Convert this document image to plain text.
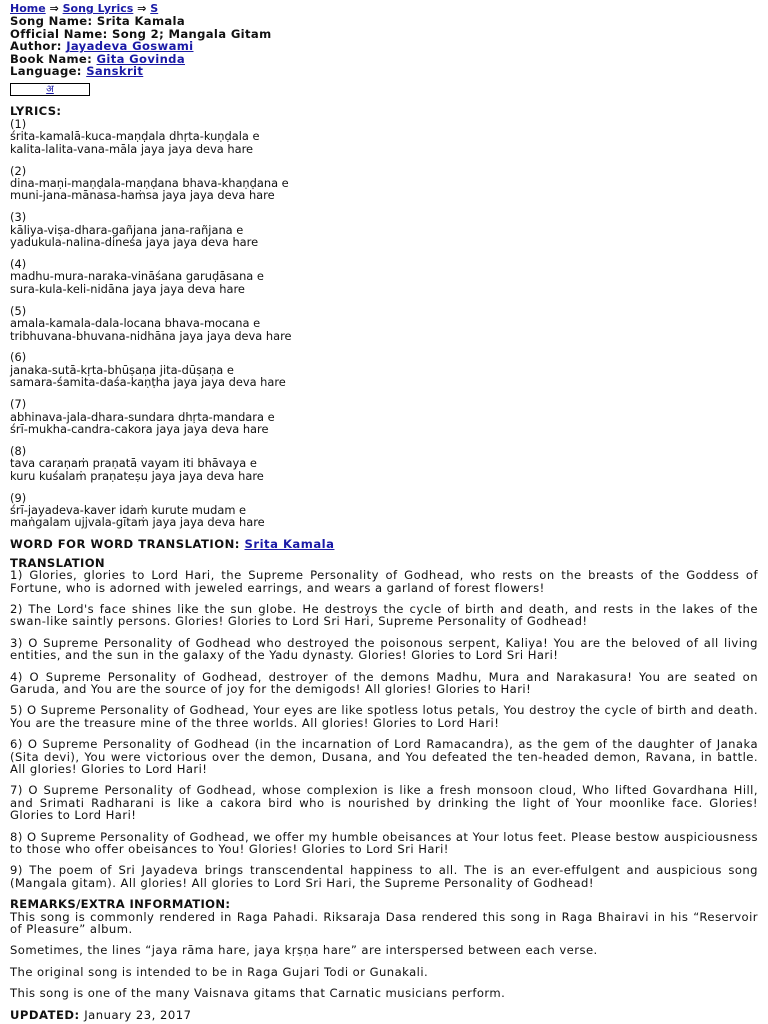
Home ⇒ Song Lyrics ⇒ S
Song Name: Srita Kamala
Official Name: Song 2; Mangala Gitam
Author: Jayadeva Goswami
Book Name: Gita Govinda
Language: Sanskrit
अ
LYRICS:
(1)
śrita-kamalā-kuca-maṇḍala dhṛta-kuṇḍala e
kalita-lalita-vana-māla jaya jaya deva hare
(2)
dina-maṇi-maṇḍala-maṇḍana bhava-khaṇḍana e
muni-jana-mānasa-haṁsa jaya jaya deva hare
(3)
kāliya-viṣa-dhara-gañjana jana-rañjana e
yadukula-nalina-dineśa jaya jaya deva hare
(4)
madhu-mura-naraka-vināśana garuḍāsana e
sura-kula-keli-nidāna jaya jaya deva hare
(5)
amala-kamala-dala-locana bhava-mocana e
tribhuvana-bhuvana-nidhāna jaya jaya deva hare
(6)
janaka-sutā-kṛta-bhūṣaṇa jita-dūṣaṇa e
samara-śamita-daśa-kaṇṭha jaya jaya deva hare
(7)
abhinava-jala-dhara-sundara dhṛta-mandara e
śrī-mukha-candra-cakora jaya jaya deva hare
(8)
tava caraṇaṁ praṇatā vayam iti bhāvaya e
kuru kuśalaṁ praṇateṣu jaya jaya deva hare
(9)
śrī-jayadeva-kaver idaṁ kurute mudam e
maṅgalam ujjvala-gītaṁ jaya jaya deva hare
WORD FOR WORD TRANSLATION: Srita Kamala
TRANSLATION

1) Glories, glories to Lord Hari, the Supreme Personality of Godhead, who rests on the breasts of the Goddess of Fortune, who is adorned with jeweled earrings, and wears a garland of forest flowers!

2) The Lord's face shines like the sun globe. He destroys the cycle of birth and death, and rests in the lakes of the swan-like saintly persons. Glories! Glories to Lord Sri Hari, Supreme Personality of Godhead!

3) O Supreme Personality of Godhead who destroyed the poisonous serpent, Kaliya! You are the beloved of all living entities, and the sun in the galaxy of the Yadu dynasty. Glories! Glories to Lord Sri Hari!

4) O Supreme Personality of Godhead, destroyer of the demons Madhu, Mura and Narakasura! You are seated on Garuda, and You are the source of joy for the demigods! All glories! Glories to Hari!

5) O Supreme Personality of Godhead, Your eyes are like spotless lotus petals, You destroy the cycle of birth and death. You are the treasure mine of the three worlds. All glories! Glories to Lord Hari!

6) O Supreme Personality of Godhead (in the incarnation of Lord Ramacandra), as the gem of the daughter of Janaka (Sita devi), You were victorious over the demon, Dusana, and You defeated the ten-headed demon, Ravana, in battle. All glories! Glories to Lord Hari!

7) O Supreme Personality of Godhead, whose complexion is like a fresh monsoon cloud, Who lifted Govardhana Hill, and Srimati Radharani is like a cakora bird who is nourished by drinking the light of Your moonlike face. Glories! Glories to Lord Hari!

8) O Supreme Personality of Godhead, we offer my humble obeisances at Your lotus feet. Please bestow auspiciousness to those who offer obeisances to You! Glories! Glories to Lord Sri Hari!

9) The poem of Sri Jayadeva brings transcendental happiness to all. The is an ever-effulgent and auspicious song (Mangala gitam). All glories! All glories to Lord Sri Hari, the Supreme Personality of Godhead!

REMARKS/EXTRA INFORMATION:

This song is commonly rendered in Raga Pahadi. Riksaraja Dasa rendered this song in Raga Bhairavi in his “Reservoir of Pleasure” album.

Sometimes, the lines “jaya rāma hare, jaya kṛṣṇa hare” are interspersed between each verse.

The original song is intended to be in Raga Gujari Todi or Gunakali.

This song is one of the many Vaisnava gitams that Carnatic musicians perform.

UPDATED: January 23, 2017
